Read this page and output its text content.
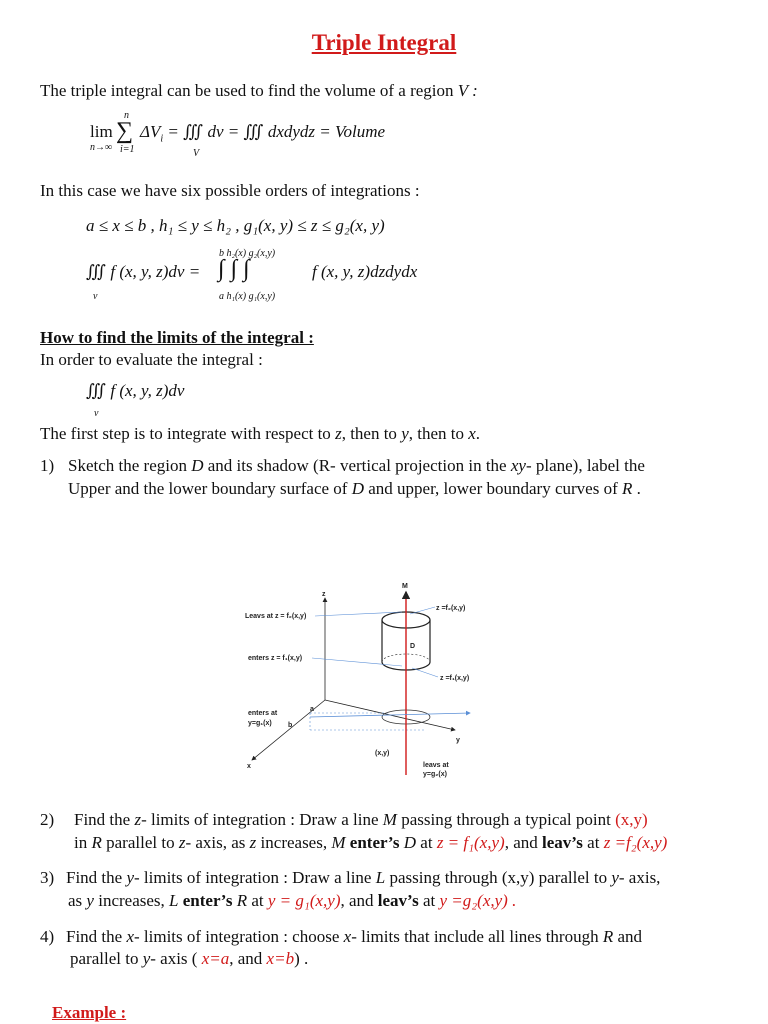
Triple Integral
The triple integral can be used to find the volume of a region V :
lim
n→∞
n
∑
i=1
$\Delta V_i$ = ∭ dv = ∭ dxdydz = Volume
V
In this case we have six possible orders of integrations :
a ≤ x ≤ b , h₁ ≤ y ≤ h₂ , g₁(x, y) ≤ z ≤ g₂(x, y)
b h₂(x) g₂(x,y)
∭ f (x, y, z)dv = ∫ ∫ ∫	f (x, y, z)dzdydx
v	a h₁(x) g₁(x,y)
How to find the limits of the integral :
In order to evaluate the integral :
∭ f (x, y, z)dv
v
The first step is to integrate with respect to z, then to y, then to x.
1) Sketch the region D and its shadow (R- vertical projection in the xy- plane), label the
Upper and the lower boundary surface of D and upper, lower boundary curves of R .
z
y
x
a
b
D
M
(x,y)
Leavs at z = f₂(x,y)
enters z = f₁(x,y)
enters at
y=g₁(x)
z =f₂(x,y)
z =f₁(x,y)
leavs at
y=g₂(x)
2) Find the z- limits of integration : Draw a line M passing through a typical point (x,y)
in R parallel to z- axis, as z increases, M enter’s D at z = f₁(x,y), and leav’s at z =f₂(x,y)
3) Find the y- limits of integration : Draw a line L passing through (x,y) parallel to y- axis,
as y increases, L enter’s R at y = g₁(x,y), and leav’s at y =g₂(x,y) .
4) Find the x- limits of integration : choose x- limits that include all lines through R and
parallel to y- axis ( x=a, and x=b) .
Example :
